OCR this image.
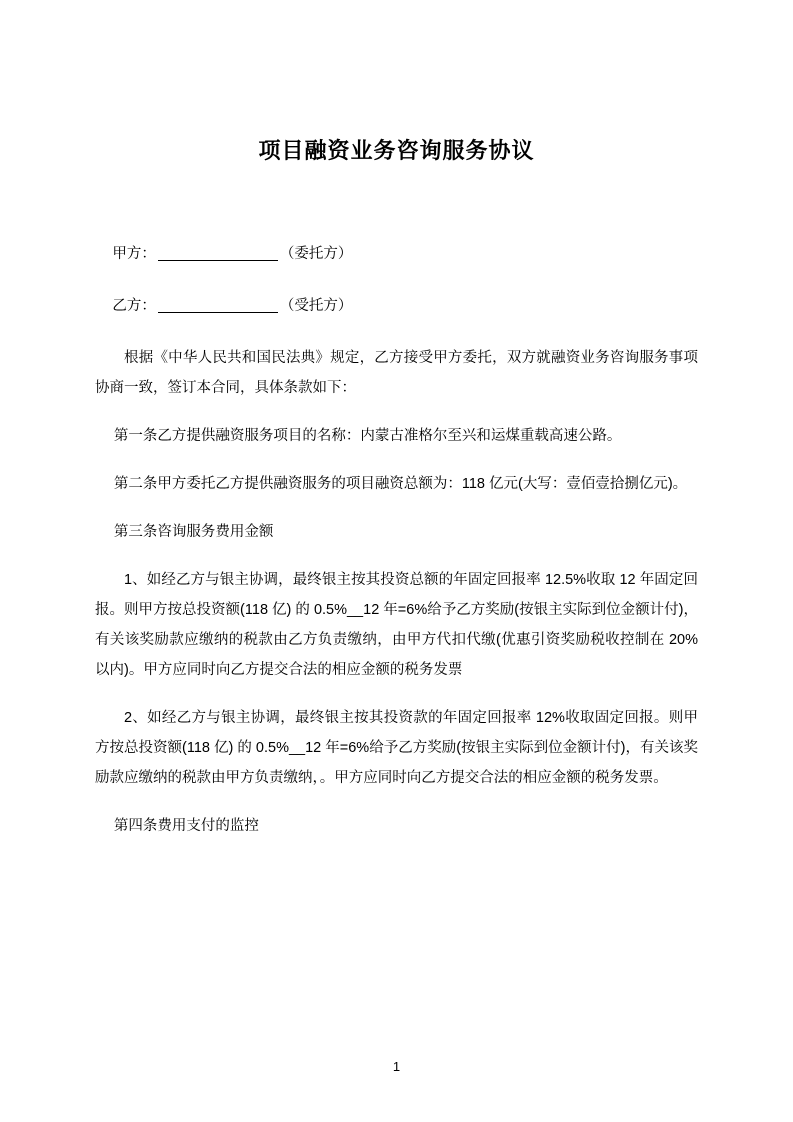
项目融资业务咨询服务协议

甲方：	（委托方）

乙方：	（受托方）

根据《中华人民共和国民法典》规定，乙方接受甲方委托，双方就融资业务咨询服务事项协商一致，签订本合同，具体条款如下：

第一条乙方提供融资服务项目的名称：内蒙古准格尔至兴和运煤重载高速公路。

第二条甲方委托乙方提供融资服务的项目融资总额为：118 亿元(大写：壹佰壹拾捌亿元)。

第三条咨询服务费用金额

1、如经乙方与银主协调，最终银主按其投资总额的年固定回报率 12.5%收取 12 年固定回报。则甲方按总投资额(118 亿) 的 0.5%__12 年=6%给予乙方奖励(按银主实际到位金额计付)，有关该奖励款应缴纳的税款由乙方负责缴纳，由甲方代扣代缴(优惠引资奖励税收控制在 20%以内)。甲方应同时向乙方提交合法的相应金额的税务发票

2、如经乙方与银主协调，最终银主按其投资款的年固定回报率 12%收取固定回报。则甲方按总投资额(118 亿) 的 0.5%__12 年=6%给予乙方奖励(按银主实际到位金额计付)，有关该奖励款应缴纳的税款由甲方负责缴纳，。甲方应同时向乙方提交合法的相应金额的税务发票。

第四条费用支付的监控

1
